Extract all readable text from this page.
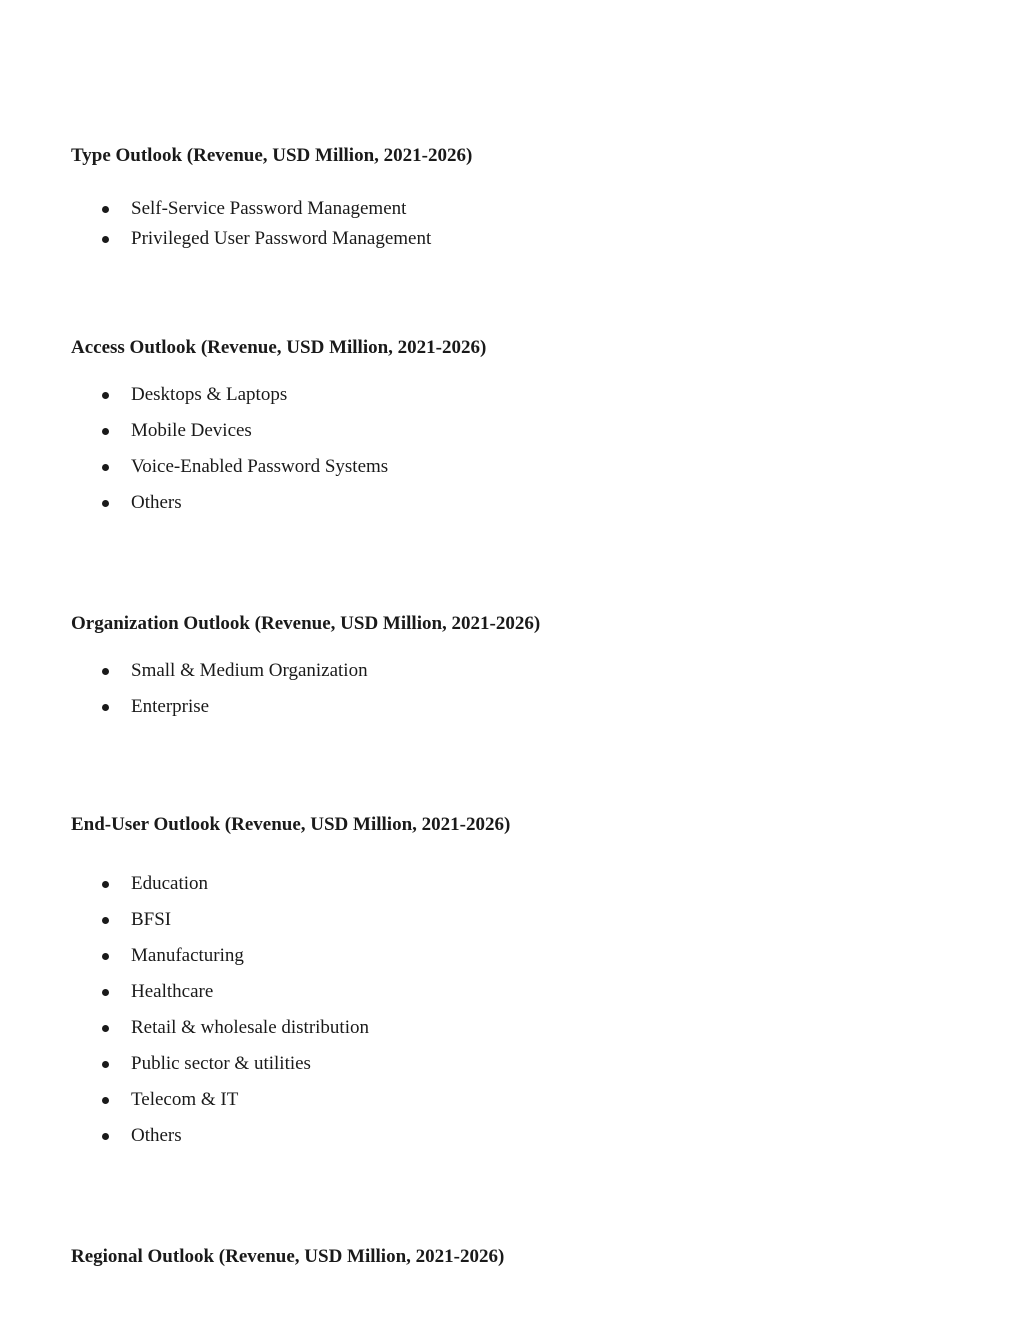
Type Outlook (Revenue, USD Million, 2021-2026)
Self-Service Password Management
Privileged User Password Management
Access Outlook (Revenue, USD Million, 2021-2026)
Desktops & Laptops
Mobile Devices
Voice-Enabled Password Systems
Others
Organization Outlook (Revenue, USD Million, 2021-2026)
Small & Medium Organization
Enterprise
End-User Outlook (Revenue, USD Million, 2021-2026)
Education
BFSI
Manufacturing
Healthcare
Retail & wholesale distribution
Public sector & utilities
Telecom & IT
Others
Regional Outlook (Revenue, USD Million, 2021-2026)
